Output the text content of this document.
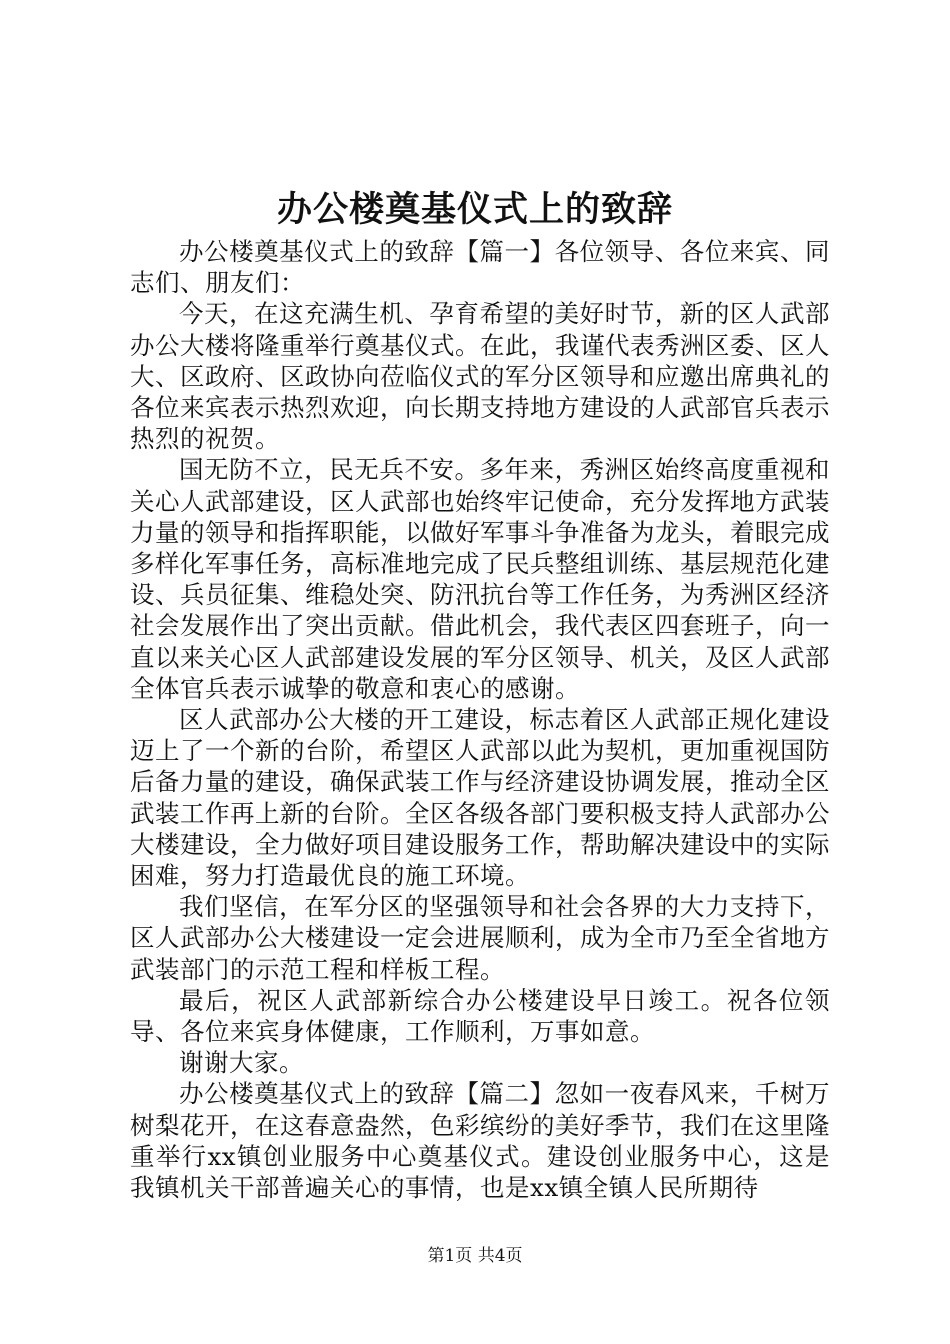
办公楼奠基仪式上的致辞

办公楼奠基仪式上的致辞【篇一】各位领导、各位来宾、同志们、朋友们：

今天，在这充满生机、孕育希望的美好时节，新的区人武部办公大楼将隆重举行奠基仪式。在此，我谨代表秀洲区委、区人大、区政府、区政协向莅临仪式的军分区领导和应邀出席典礼的各位来宾表示热烈欢迎，向长期支持地方建设的人武部官兵表示热烈的祝贺。

国无防不立，民无兵不安。多年来，秀洲区始终高度重视和关心人武部建设，区人武部也始终牢记使命，充分发挥地方武装力量的领导和指挥职能，以做好军事斗争准备为龙头，着眼完成多样化军事任务，高标准地完成了民兵整组训练、基层规范化建设、兵员征集、维稳处突、防汛抗台等工作任务，为秀洲区经济社会发展作出了突出贡献。借此机会，我代表区四套班子，向一直以来关心区人武部建设发展的军分区领导、机关，及区人武部全体官兵表示诚挚的敬意和衷心的感谢。

区人武部办公大楼的开工建设，标志着区人武部正规化建设迈上了一个新的台阶，希望区人武部以此为契机，更加重视国防后备力量的建设，确保武装工作与经济建设协调发展，推动全区武装工作再上新的台阶。全区各级各部门要积极支持人武部办公大楼建设，全力做好项目建设服务工作，帮助解决建设中的实际困难，努力打造最优良的施工环境。

我们坚信，在军分区的坚强领导和社会各界的大力支持下，区人武部办公大楼建设一定会进展顺利，成为全市乃至全省地方武装部门的示范工程和样板工程。

最后，祝区人武部新综合办公楼建设早日竣工。祝各位领导、各位来宾身体健康，工作顺利，万事如意。

谢谢大家。

办公楼奠基仪式上的致辞【篇二】忽如一夜春风来，千树万树梨花开，在这春意盎然，色彩缤纷的美好季节，我们在这里隆重举行xx镇创业服务中心奠基仪式。建设创业服务中心，这是我镇机关干部普遍关心的事情，也是xx镇全镇人民所期待

第1页 共4页
